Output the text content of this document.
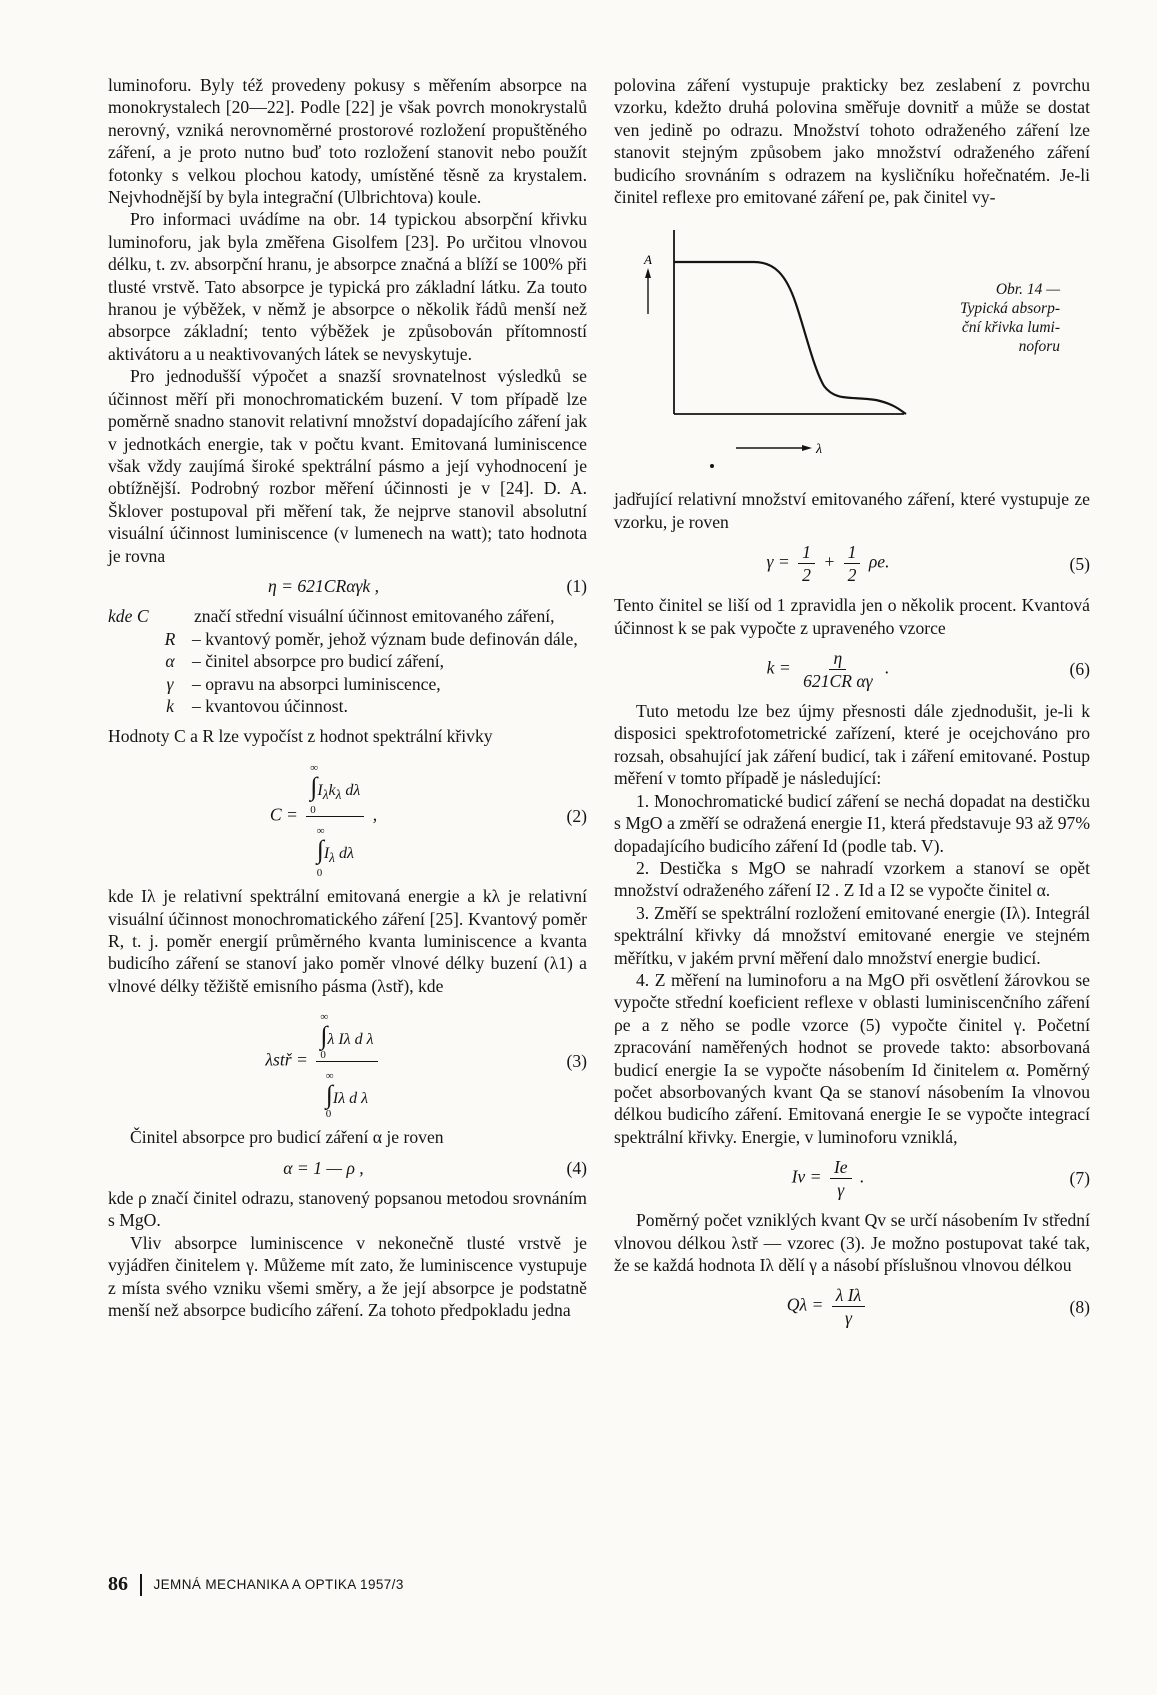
luminoforu. Byly též provedeny pokusy s měřením absorpce na monokrystalech [20—22]. Podle [22] je však povrch monokrystalů nerovný, vzniká nerovnoměrné prostorové rozložení propuštěného záření, a je proto nutno buď toto rozložení stanovit nebo použít fotonky s velkou plochou katody, umístěné těsně za krystalem. Nejvhodnější by byla integrační (Ulbrichtova) koule.

Pro informaci uvádíme na obr. 14 typickou absorpční křivku luminoforu, jak byla změřena Gisolfem [23]. Po určitou vlnovou délku, t. zv. absorpční hranu, je absorpce značná a blíží se 100% při tlusté vrstvě. Tato absorpce je typická pro základní látku. Za touto hranou je výběžek, v němž je absorpce o několik řádů menší než absorpce základní; tento výběžek je způsobován přítomností aktivátoru a u neaktivovaných látek se nevyskytuje.

Pro jednodušší výpočet a snazší srovnatelnost výsledků se účinnost měří při monochromatickém buzení. V tom případě lze poměrně snadno stanovit relativní množství dopadajícího záření jak v jednotkách energie, tak v počtu kvant. Emitovaná luminiscence však vždy zaujímá široké spektrální pásmo a její vyhodnocení je obtížnější. Podrobný rozbor měření účinnosti je v [24]. D. A. Šklover postupoval při měření tak, že nejprve stanovil absolutní visuální účinnost luminiscence (v lumenech na watt); tato hodnota je rovna

η = 621CRαγk ,	(1)
kde C	značí střední visuální účinnost emitovaného záření,
R – kvantový poměr, jehož význam bude definován dále,
α – činitel absorpce pro budicí záření,
γ	– opravu na absorpci luminiscence,
k	– kvantovou účinnost.

Hodnoty C a R lze vypočíst z hodnot spektrální křivky

C = ∞
$\int I_\lambda k_\lambda$ dλ
0
∞
$\int I_\lambda$ dλ
0 ,	(2)

kde Iλ je relativní spektrální emitovaná energie a kλ je relativní visuální účinnost monochromatického záření [25]. Kvantový poměr R, t. j. poměr energií průměrného kvanta luminiscence a kvanta budicího záření se stanoví jako poměr vlnové délky buzení (λ1) a vlnové délky těžiště emisního pásma (λstř), kde

λstř = ∞
∫λ Iλ d λ
0
∞
∫Iλ d λ
0	(3)

Činitel absorpce pro budicí záření α je roven

α = 1 — ρ ,	(4)

kde ρ značí činitel odrazu, stanovený popsanou metodou srovnáním s MgO.

Vliv absorpce luminiscence v nekonečně tlusté vrstvě je vyjádřen činitelem γ. Můžeme mít zato, že luminiscence vystupuje z místa svého vzniku všemi směry, a že její absorpce je podstatně menší než absorpce budicího záření. Za tohoto předpokladu jedna

polovina záření vystupuje prakticky bez zeslabení z povrchu vzorku, kdežto druhá polovina směřuje dovnitř a může se dostat ven jedině po odrazu. Množství tohoto odraženého záření lze stanovit stejným způsobem jako množství odraženého záření budicího srovnáním s odrazem na kysličníku hořečnatém. Je-li činitel reflexe pro emitované záření ρe, pak činitel vy-

A
λ
Obr. 14 —
Typická absorp-
ční křivka lumi-
noforu

jadřující relativní množství emitovaného záření, které vystupuje ze vzorku, je roven

$\gamma = \frac{1}{2} + \frac{1}{2} \rho e$.	(5)

Tento činitel se liší od 1 zpravidla jen o několik procent. Kvantová účinnost k se pak vypočte z upraveného vzorce

$k = \frac{\eta}{\text{621CR αγ}}$ .	(6)

Tuto metodu lze bez újmy přesnosti dále zjednodušit, je-li k disposici spektrofotometrické zařízení, které je ocejchováno pro rozsah, obsahující jak záření budicí, tak i záření emitované. Postup měření v tomto případě je následující:

1. Monochromatické budicí záření se nechá dopadat na destičku s MgO a změří se odražená energie I1, která představuje 93 až 97% dopadajícího budicího záření Id (podle tab. V).

2. Destička s MgO se nahradí vzorkem a stanoví se opět množství odraženého záření I2 . Z Id a I2 se vypočte činitel α.

3. Změří se spektrální rozložení emitované energie (Iλ). Integrál spektrální křivky dá množství emitované energie ve stejném měřítku, v jakém první měření dalo množství energie budicí.

4. Z měření na luminoforu a na MgO při osvětlení žárovkou se vypočte střední koeficient reflexe v oblasti luminiscenčního záření ρe a z něho se podle vzorce (5) vypočte činitel γ. Početní zpracování naměřených hodnot se provede takto: absorbovaná budicí energie Ia se vypočte násobením Id činitelem α. Poměrný počet absorbovaných kvant Qa se stanoví násobením Ia vlnovou délkou budicího záření. Emitovaná energie Ie se vypočte integrací spektrální křivky. Energie, v luminoforu vzniklá,

$Iv = \frac{Ie}{\gamma}$ .	(7)

Poměrný počet vzniklých kvant Qv se určí násobením Iv střední vlnovou délkou λstř — vzorec (3). Je možno postupovat také tak, že se každá hodnota Iλ dělí γ a násobí příslušnou vlnovou délkou

$Q\lambda = \frac{\text{λ Iλ}}{\gamma}$	(8)
86 JEMNÁ MECHANIKA A OPTIKA 1957/3
